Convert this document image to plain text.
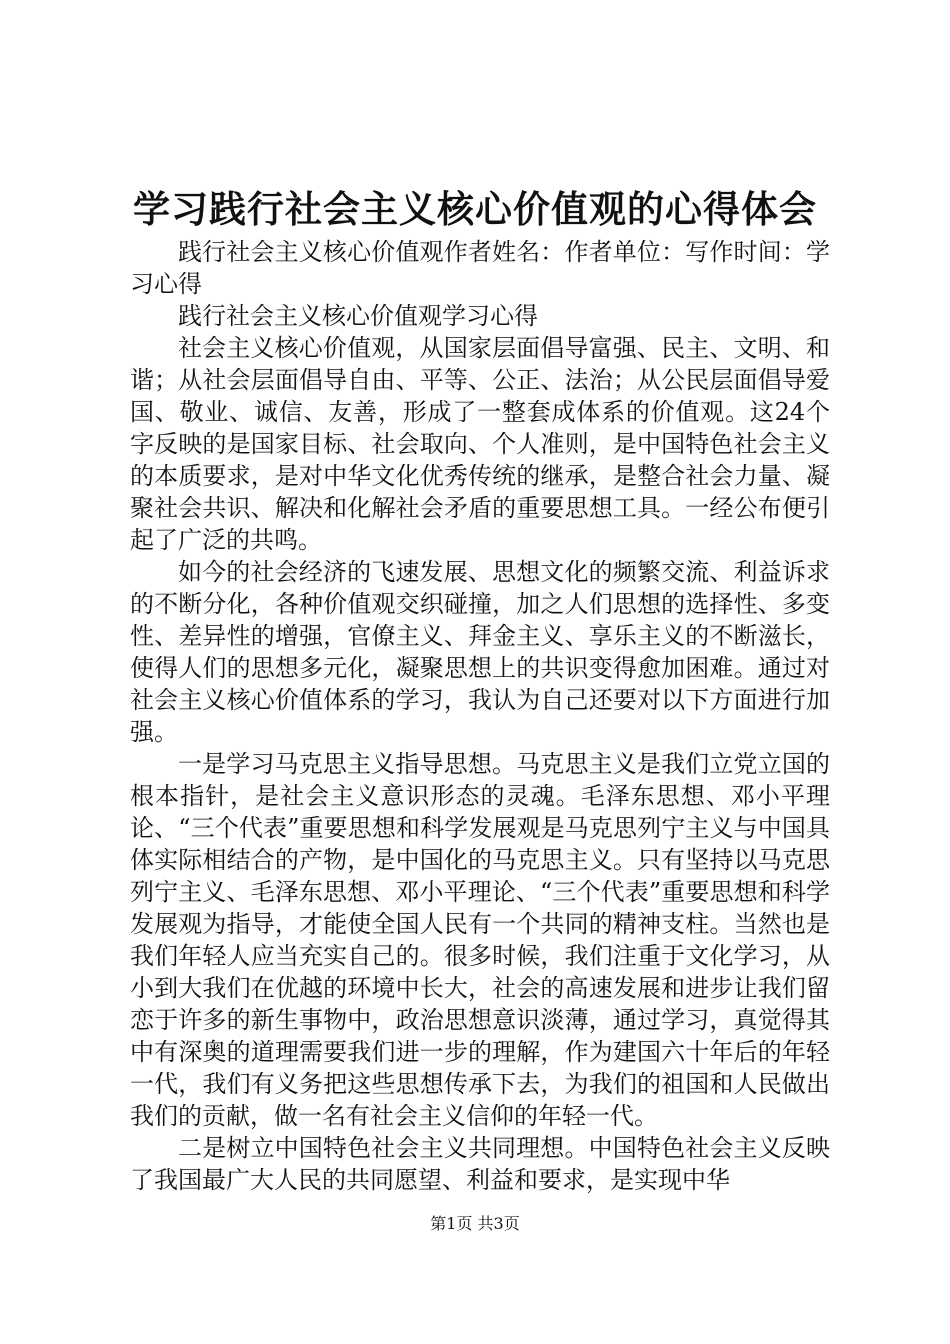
学习践行社会主义核心价值观的心得体会

践行社会主义核心价值观作者姓名：作者单位：写作时间：学习心得

践行社会主义核心价值观学习心得

社会主义核心价值观，从国家层面倡导富强、民主、文明、和谐；从社会层面倡导自由、平等、公正、法治；从公民层面倡导爱国、敬业、诚信、友善，形成了一整套成体系的价值观。这24个字反映的是国家目标、社会取向、个人准则，是中国特色社会主义的本质要求，是对中华文化优秀传统的继承，是整合社会力量、凝聚社会共识、解决和化解社会矛盾的重要思想工具。一经公布便引起了广泛的共鸣。

如今的社会经济的飞速发展、思想文化的频繁交流、利益诉求的不断分化，各种价值观交织碰撞，加之人们思想的选择性、多变性、差异性的增强，官僚主义、拜金主义、享乐主义的不断滋长，使得人们的思想多元化，凝聚思想上的共识变得愈加困难。通过对社会主义核心价值体系的学习，我认为自己还要对以下方面进行加强。

一是学习马克思主义指导思想。马克思主义是我们立党立国的根本指针，是社会主义意识形态的灵魂。毛泽东思想、邓小平理论、“三个代表”重要思想和科学发展观是马克思列宁主义与中国具体实际相结合的产物，是中国化的马克思主义。只有坚持以马克思列宁主义、毛泽东思想、邓小平理论、“三个代表”重要思想和科学发展观为指导，才能使全国人民有一个共同的精神支柱。当然也是我们年轻人应当充实自己的。很多时候，我们注重于文化学习，从小到大我们在优越的环境中长大，社会的高速发展和进步让我们留恋于许多的新生事物中，政治思想意识淡薄，通过学习，真觉得其中有深奥的道理需要我们进一步的理解，作为建国六十年后的年轻一代，我们有义务把这些思想传承下去，为我们的祖国和人民做出我们的贡献，做一名有社会主义信仰的年轻一代。

二是树立中国特色社会主义共同理想。中国特色社会主义反映了我国最广大人民的共同愿望、利益和要求，是实现中华

第1页 共3页
